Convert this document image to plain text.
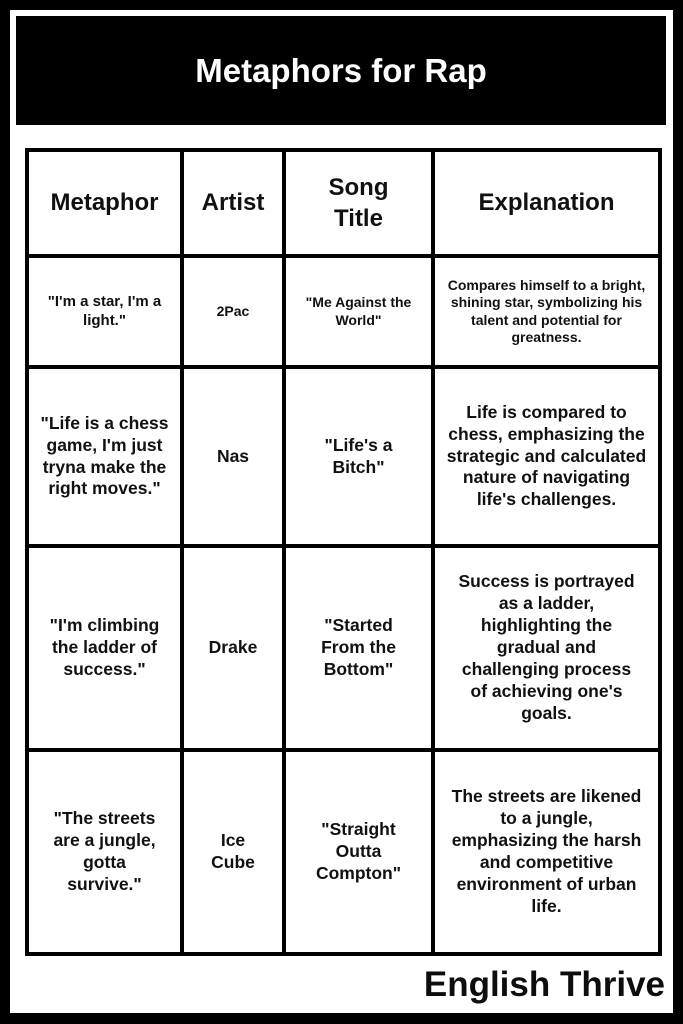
Metaphors for Rap
Metaphor	Artist	Song Title	Explanation
"I'm a star, I'm a light."	2Pac	"Me Against the World"	Compares himself to a bright, shining star, symbolizing his talent and potential for greatness.
"Life is a chess game, I'm just tryna make the right moves."	Nas	"Life's a Bitch"	Life is compared to chess, emphasizing the strategic and calculated nature of navigating life's challenges.
"I'm climbing the ladder of success."	Drake	"Started From the Bottom"	Success is portrayed as a ladder, highlighting the gradual and challenging process of achieving one's goals.
"The streets are a jungle, gotta survive."	Ice Cube	"Straight Outta Compton"	The streets are likened to a jungle, emphasizing the harsh and competitive environment of urban life.
English Thrive
